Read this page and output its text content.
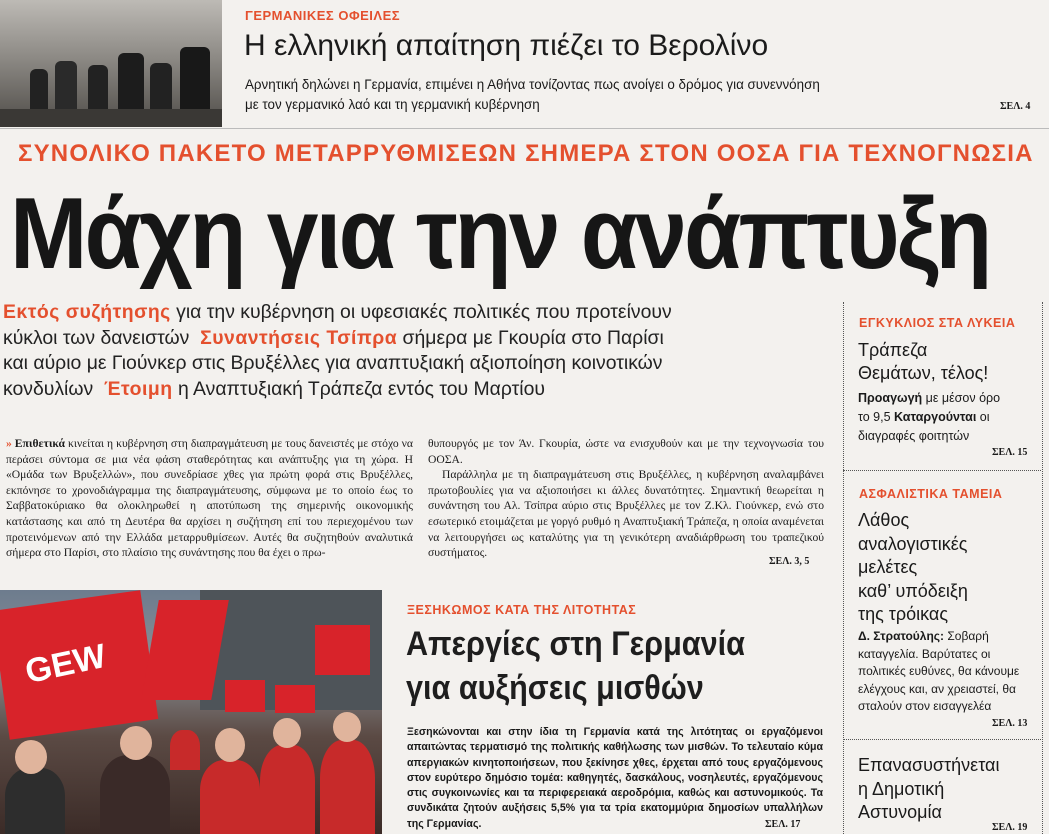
ΓΕΡΜΑΝΙΚΕΣ ΟΦΕΙΛΕΣ
Η ελληνική απαίτηση πιέζει το Βερολίνο
Αρνητική δηλώνει η Γερμανία, επιμένει η Αθήνα τονίζοντας πως ανοίγει ο δρόμος για συνεννόηση
με τον γερμανικό λαό και τη γερμανική κυβέρνηση	ΣΕΛ. 4
ΣΥΝΟΛΙΚΟ ΠΑΚΕΤΟ ΜΕΤΑΡΡΥΘΜΙΣΕΩΝ ΣΗΜΕΡΑ ΣΤΟΝ ΟΟΣΑ ΓΙΑ ΤΕΧΝΟΓΝΩΣΙΑ
Μάχη για την ανάπτυξη
Εκτός συζήτησης για την κυβέρνηση οι υφεσιακές πολιτικές που προτείνουν
κύκλοι των δανειστών  Συναντήσεις Τσίπρα σήμερα με Γκουρία στο Παρίσι
και αύριο με Γιούνκερ στις Βρυξέλλες για αναπτυξιακή αξιοποίηση κοινοτικών
κονδυλίων  Έτοιμη η Αναπτυξιακή Τράπεζα εντός του Μαρτίου
» Επιθετικά κινείται η κυβέρνηση στη διαπραγμάτευση με τους δανειστές με στόχο να περάσει σύντομα σε μια νέα φάση σταθερότητας και ανάπτυξης για τη χώρα. Η «Ομάδα των Βρυξελλών», που συνεδρίασε χθες για πρώτη φορά στις Βρυξέλλες, εκπόνησε το χρονοδιάγραμμα της διαπραγμάτευσης, σύμφωνα με το οποίο έως το Σαββατοκύριακο θα ολοκληρωθεί η αποτύπωση της σημερινής οικονομικής κατάστασης και από τη Δευτέρα θα αρχίσει η συζήτηση επί του περιεχομένου των προτεινόμενων από την Ελλάδα μεταρρυθμίσεων. Αυτές θα συζητηθούν αναλυτικά σήμερα στο Παρίσι, στο πλαίσιο της συνάντησης που θα έχει ο πρω-
θυπουργός με τον Άν. Γκουρία, ώστε να ενισχυθούν και με την τεχνογνωσία του ΟΟΣΑ.
Παράλληλα με τη διαπραγμάτευση στις Βρυξέλλες, η κυβέρνηση αναλαμβάνει πρωτοβουλίες για να αξιοποιήσει κι άλλες δυνατότητες. Σημαντική θεωρείται η συνάντηση του Αλ. Τσίπρα αύριο στις Βρυξέλλες με τον Ζ.Κλ. Γιούνκερ, ενώ στο εσωτερικό ετοιμάζεται με γοργό ρυθμό η Αναπτυξιακή Τράπεζα, η οποία αναμένεται να λειτουργήσει ως καταλύτης για τη γενικότερη αναδιάρθρωση του τραπεζικού συστήματος.
ΣΕΛ. 3, 5
ΕΓΚΥΚΛΙΟΣ ΣΤΑ ΛΥΚΕΙΑ
Τράπεζα
Θεμάτων, τέλος!
Προαγωγή με μέσον όρο
το 9,5 Καταργούνται οι
διαγραφές φοιτητών
ΣΕΛ. 15
ΑΣΦΑΛΙΣΤΙΚΑ ΤΑΜΕΙΑ
Λάθος
αναλογιστικές
μελέτες
καθ’ υπόδειξη
της τρόικας
Δ. Στρατούλης: Σοβαρή
καταγγελία. Βαρύτατες οι
πολιτικές ευθύνες, θα κάνουμε
ελέγχους και, αν χρειαστεί, θα
σταλούν στον εισαγγελέα
ΣΕΛ. 13
Επανασυστήνεται
η Δημοτική
Αστυνομία
ΣΕΛ. 19
GEW
ΞΕΣΗΚΩΜΟΣ ΚΑΤΑ ΤΗΣ ΛΙΤΟΤΗΤΑΣ
Απεργίες στη Γερμανία
για αυξήσεις μισθών
Ξεσηκώνονται και στην ίδια τη Γερμανία κατά της λιτότητας οι εργαζόμενοι απαιτώντας τερματισμό της πολιτικής καθήλωσης των μισθών. Το τελευταίο κύμα απεργιακών κινητοποιήσεων, που ξεκίνησε χθες, έρχεται από τους εργαζόμενους στον ευρύτερο δημόσιο τομέα: καθηγητές, δασκάλους, νοσηλευτές, εργαζόμενους στις συγκοινωνίες και τα περιφερειακά αεροδρόμια, καθώς και αστυνομικούς. Τα συνδικάτα ζητούν αυξήσεις 5,5% για τα τρία εκατομμύρια δημοσίων υπαλλήλων της Γερμανίας.	ΣΕΛ. 17
